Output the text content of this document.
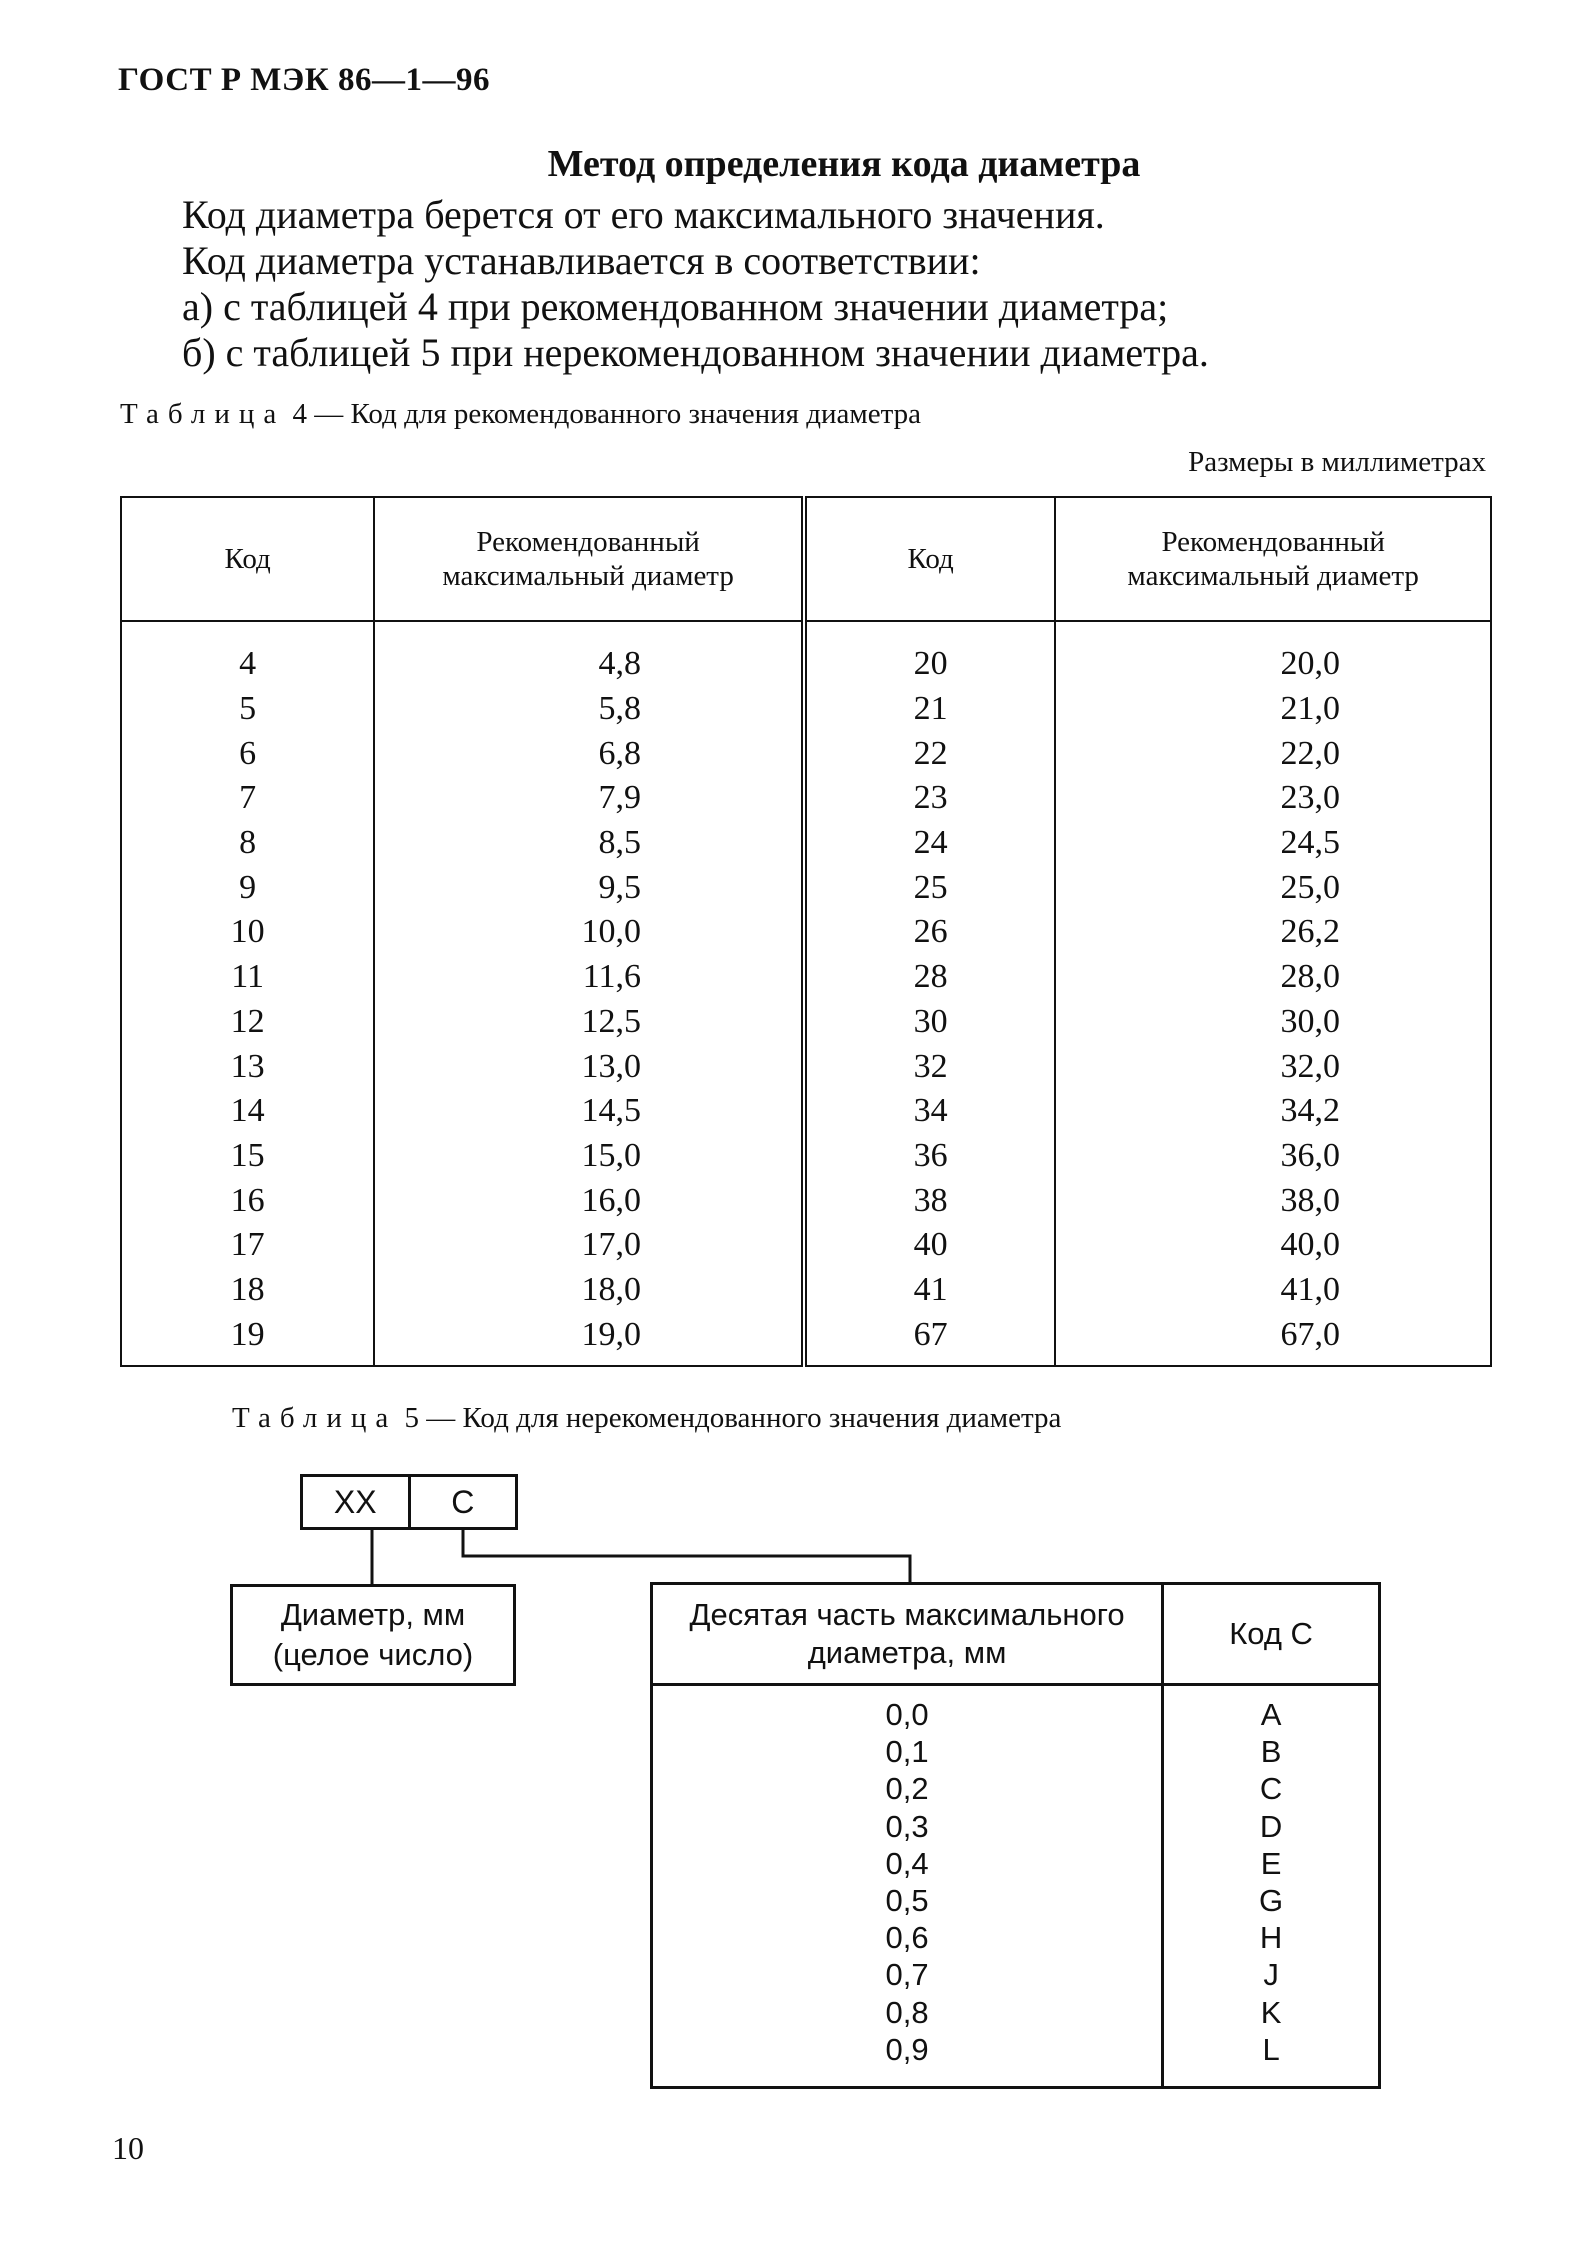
ГОСТ Р МЭК 86—1—96
Метод определения кода диаметра
Код диаметра берется от его максимального значения.
Код диаметра устанавливается в соответствии:
а) с таблицей 4 при рекомендованном значении диаметра;
б) с таблицей 5 при нерекомендованном значении диаметра.
Таблица 4 — Код для рекомендованного значения диаметра
Размеры в миллиметрах
Код	Рекомендованный максимальный диаметр	Код	Рекомендованный максимальный диаметр
4	4,8	20	20,0
5	5,8	21	21,0
6	6,8	22	22,0
7	7,9	23	23,0
8	8,5	24	24,5
9	9,5	25	25,0
10	10,0	26	26,2
11	11,6	28	28,0
12	12,5	30	30,0
13	13,0	32	32,0
14	14,5	34	34,2
15	15,0	36	36,0
16	16,0	38	38,0
17	17,0	40	40,0
18	18,0	41	41,0
19	19,0	67	67,0
Таблица 5 — Код для нерекомендованного значения диаметра
XX	C
Диаметр, мм
(целое число)
Десятая часть максимального диаметра, мм	Код С
0,0	A
0,1	B
0,2	C
0,3	D
0,4	E
0,5	G
0,6	H
0,7	J
0,8	K
0,9	L
10
